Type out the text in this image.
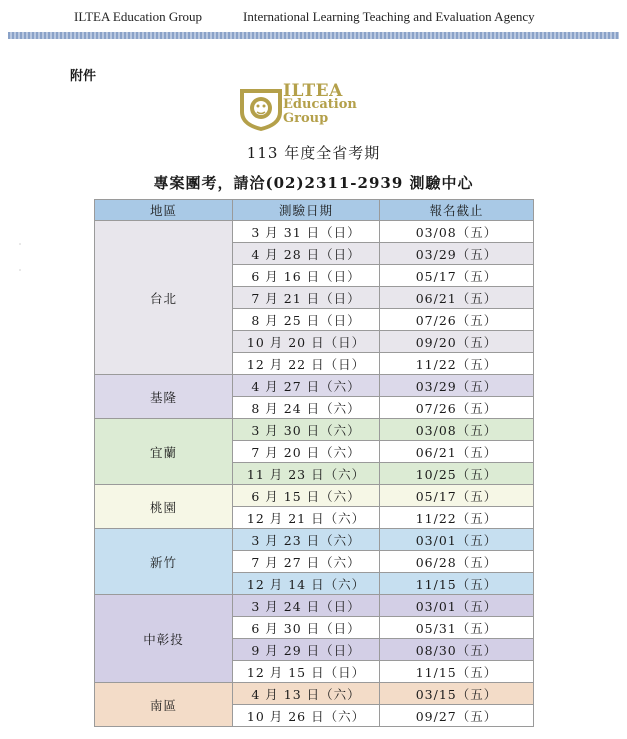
ILTEA Education Group	International Learning Teaching and Evaluation Agency
附件
ILTEA
Education
Group
113 年度全省考期
專案團考，請洽(02)2311-2939 測驗中心
˙
˙
地區	測驗日期	報名截止
台北	3 月 31 日（日）	03/08（五）
	4 月 28 日（日）	03/29（五）
	6 月 16 日（日）	05/17（五）
	7 月 21 日（日）	06/21（五）
	8 月 25 日（日）	07/26（五）
	10 月 20 日（日）	09/20（五）
	12 月 22 日（日）	11/22（五）
基隆	4 月 27 日（六）	03/29（五）
	8 月 24 日（六）	07/26（五）
宜蘭	3 月 30 日（六）	03/08（五）
	7 月 20 日（六）	06/21（五）
	11 月 23 日（六）	10/25（五）
桃園	6 月 15 日（六）	05/17（五）
	12 月 21 日（六）	11/22（五）
新竹	3 月 23 日（六）	03/01（五）
	7 月 27 日（六）	06/28（五）
	12 月 14 日（六）	11/15（五）
中彰投	3 月 24 日（日）	03/01（五）
	6 月 30 日（日）	05/31（五）
	9 月 29 日（日）	08/30（五）
	12 月 15 日（日）	11/15（五）
南區	4 月 13 日（六）	03/15（五）
	10 月 26 日（六）	09/27（五）
